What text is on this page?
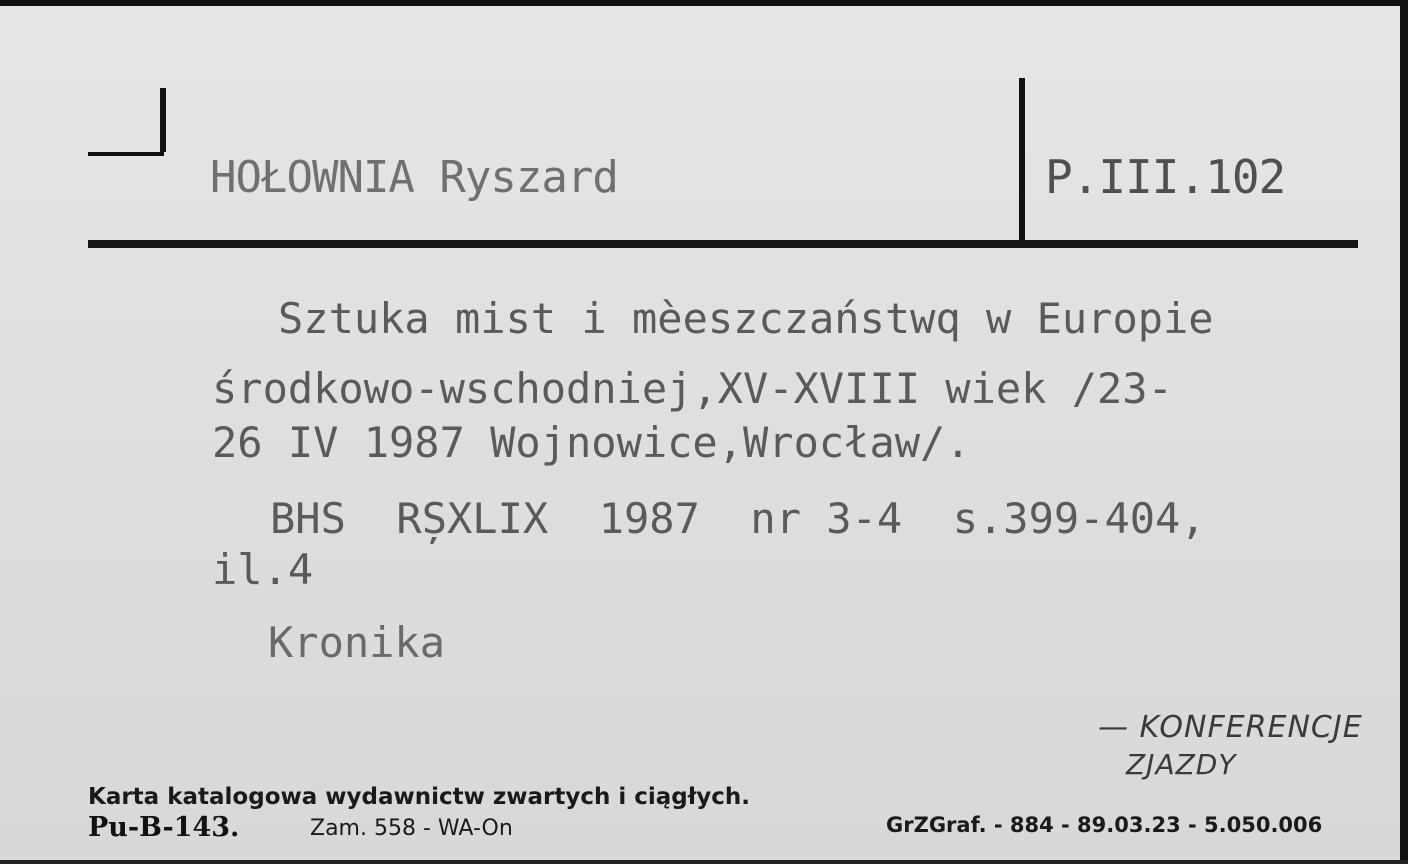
HOŁOWNIA Ryszard	P.III.102

Sztuka mist i mèeszczaństwq w Europie

środkowo-wschodniej,XV-XVIII wiek /23-

26 IV 1987 Wojnowice,Wrocław/.

BHS  RȘXLIX  1987  nr 3-4  s.399-404,

il.4

Kronika

— KONFERENCJE

ZJAZDY

Karta katalogowa wydawnictw zwartych i ciągłych.

Pu-B-143.	Zam. 558 - WA-On	GrZGraf. - 884 - 89.03.23 - 5.050.006
